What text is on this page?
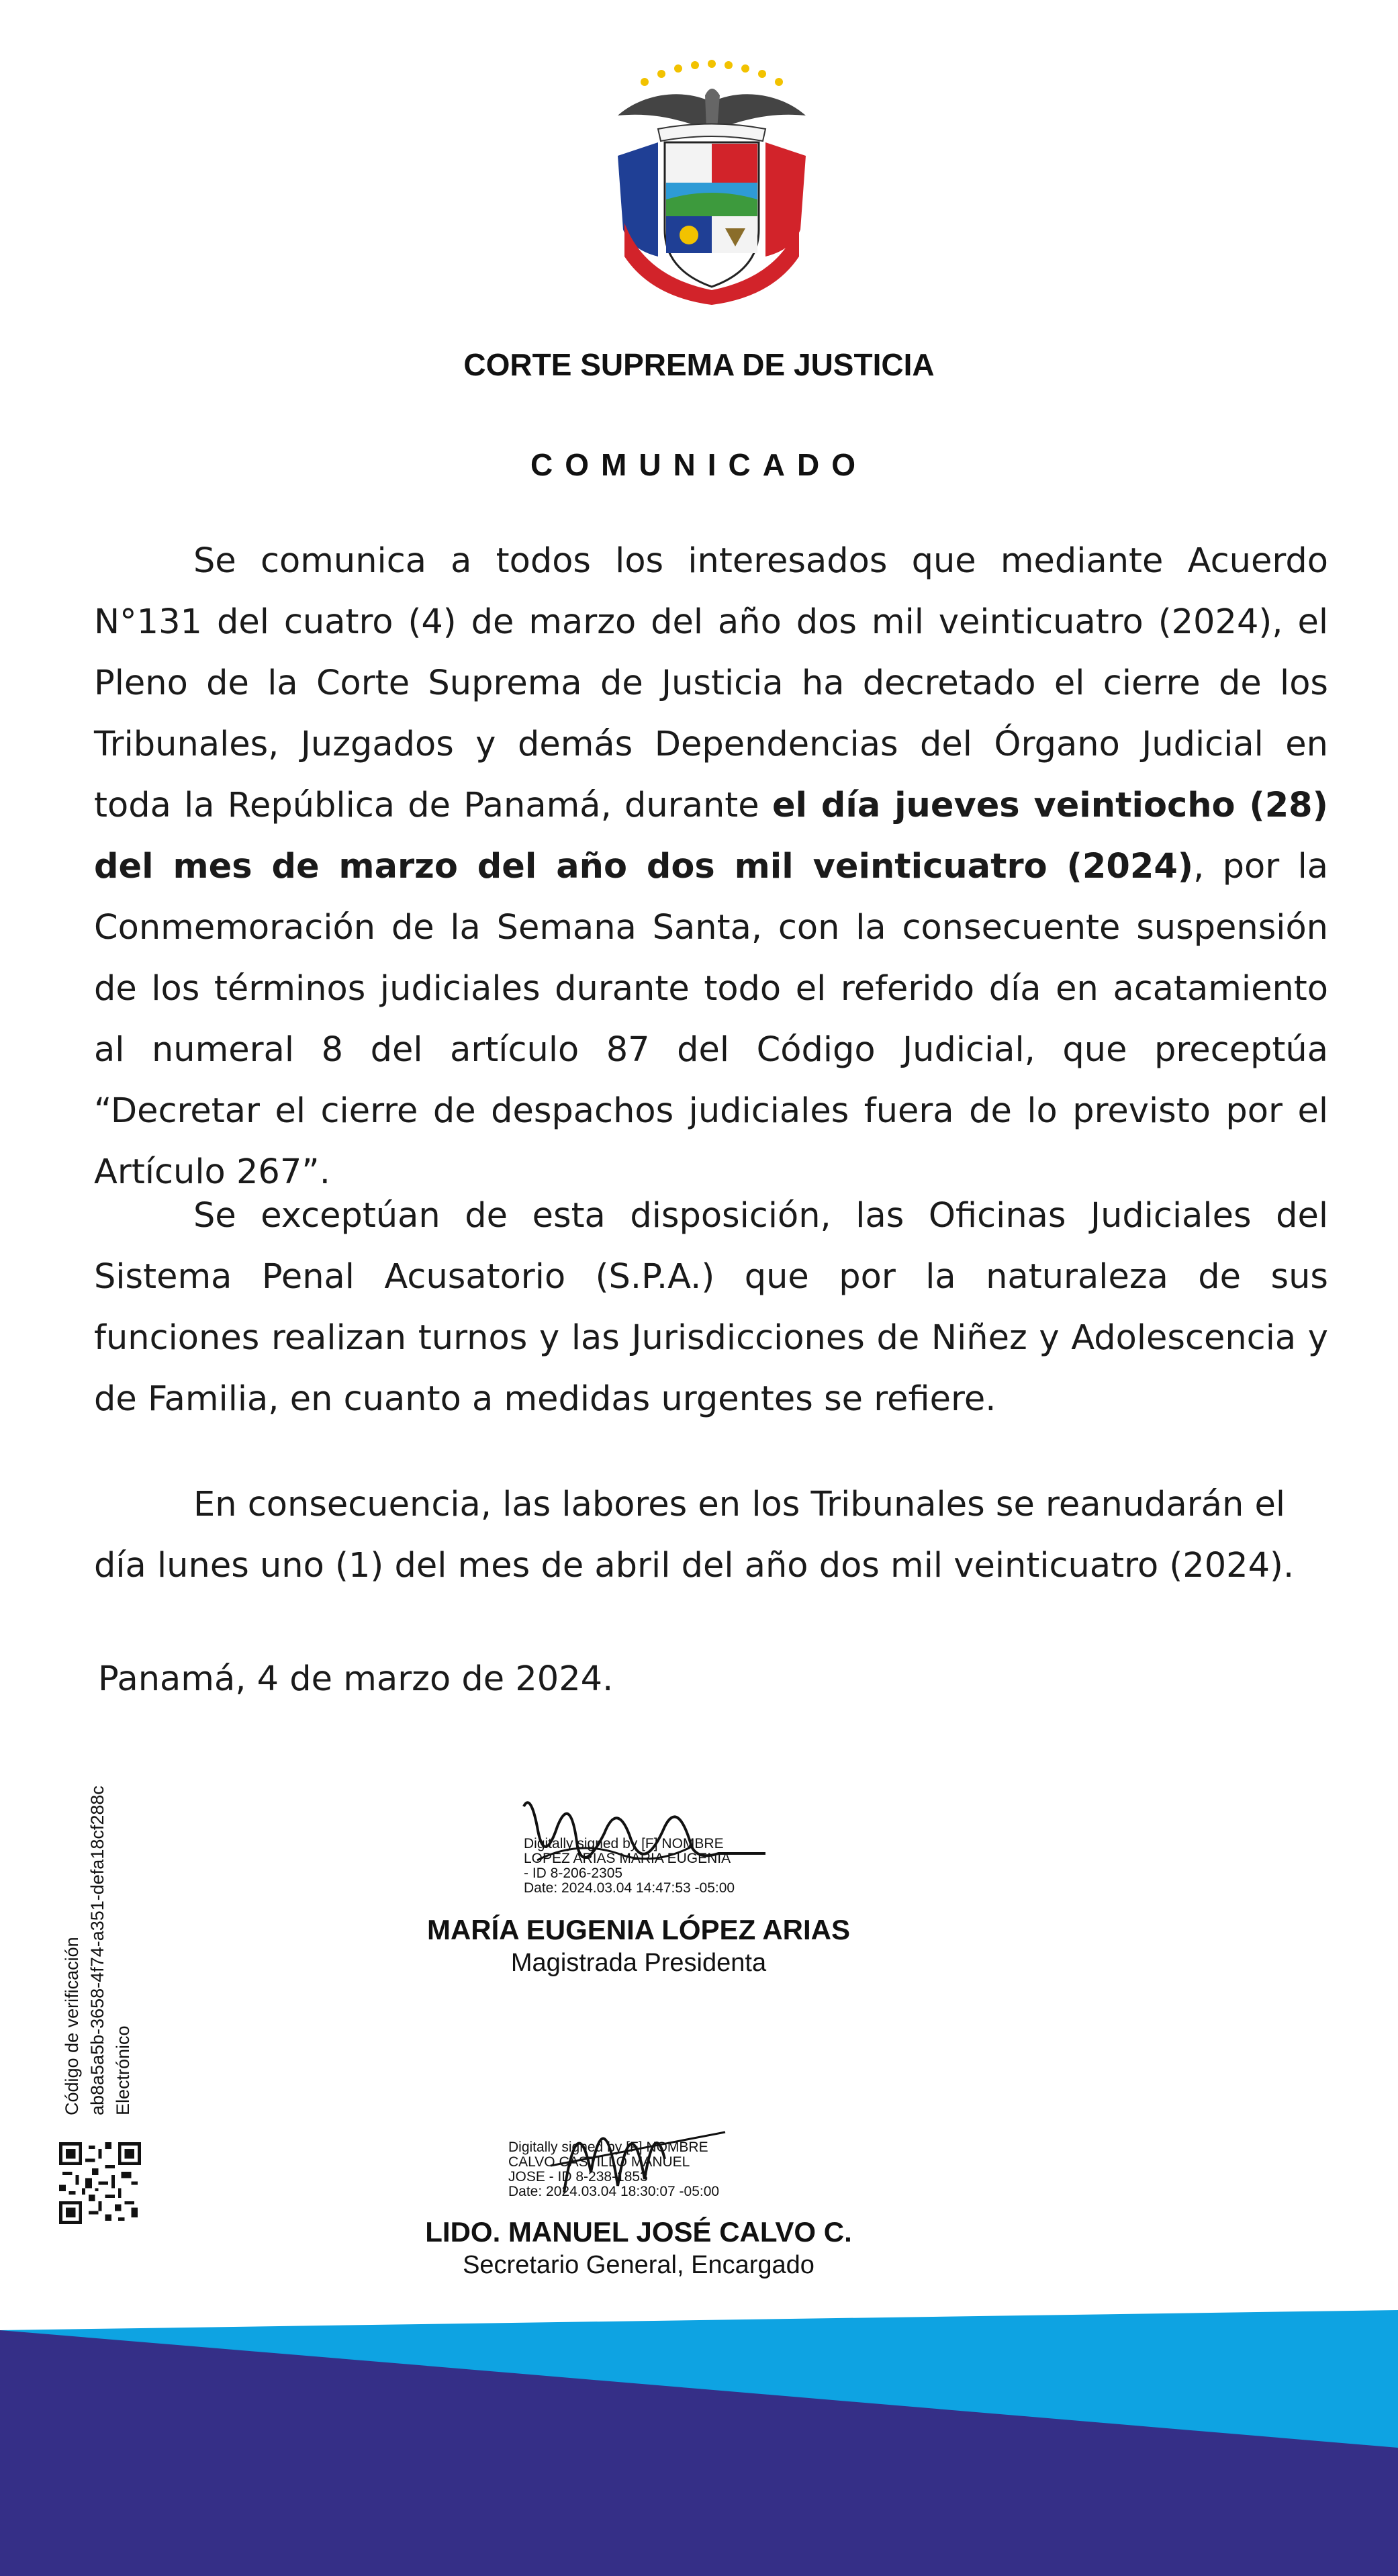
CORTE SUPREMA DE JUSTICIA
COMUNICADO

Se comunica a todos los interesados que mediante Acuerdo N°131 del cuatro (4) de marzo del año dos mil veinticuatro (2024), el Pleno de la Corte Suprema de Justicia ha decretado el cierre de los Tribunales, Juzgados y demás Dependencias del Órgano Judicial en toda la República de Panamá, durante el día jueves veintiocho (28) del mes de marzo del año dos mil veinticuatro (2024), por la Conmemoración de la Semana Santa, con la consecuente suspensión de los términos judiciales durante todo el referido día en acatamiento al numeral 8 del artículo 87 del Código Judicial, que preceptúa “Decretar el cierre de despachos judiciales fuera de lo previsto por el Artículo 267”.

Se exceptúan de esta disposición, las Oficinas Judiciales del Sistema Penal Acusatorio (S.P.A.) que por la naturaleza de sus funciones realizan turnos y las Jurisdicciones de Niñez y Adolescencia y de Familia, en cuanto a medidas urgentes se refiere.

En consecuencia, las labores en los Tribunales se reanudarán el
día lunes uno (1) del mes de abril del año dos mil veinticuatro (2024).

Panamá, 4 de marzo de 2024.
Digitally signed by [F] NOMBRE
LOPEZ ARIAS MARIA EUGENIA
- ID 8-206-2305
Date: 2024.03.04 14:47:53 -05:00
MARÍA EUGENIA LÓPEZ ARIAS
Magistrada Presidenta
Digitally signed by [F] NOMBRE
CALVO CASTILLO MANUEL
JOSE - ID 8-238-1853
Date: 2024.03.04 18:30:07 -05:00
LIDO. MANUEL JOSÉ CALVO C.
Secretario General, Encargado
Código de verificación ab8a5a5b-3658-4f74-a351-defa18cf288c Electrónico
